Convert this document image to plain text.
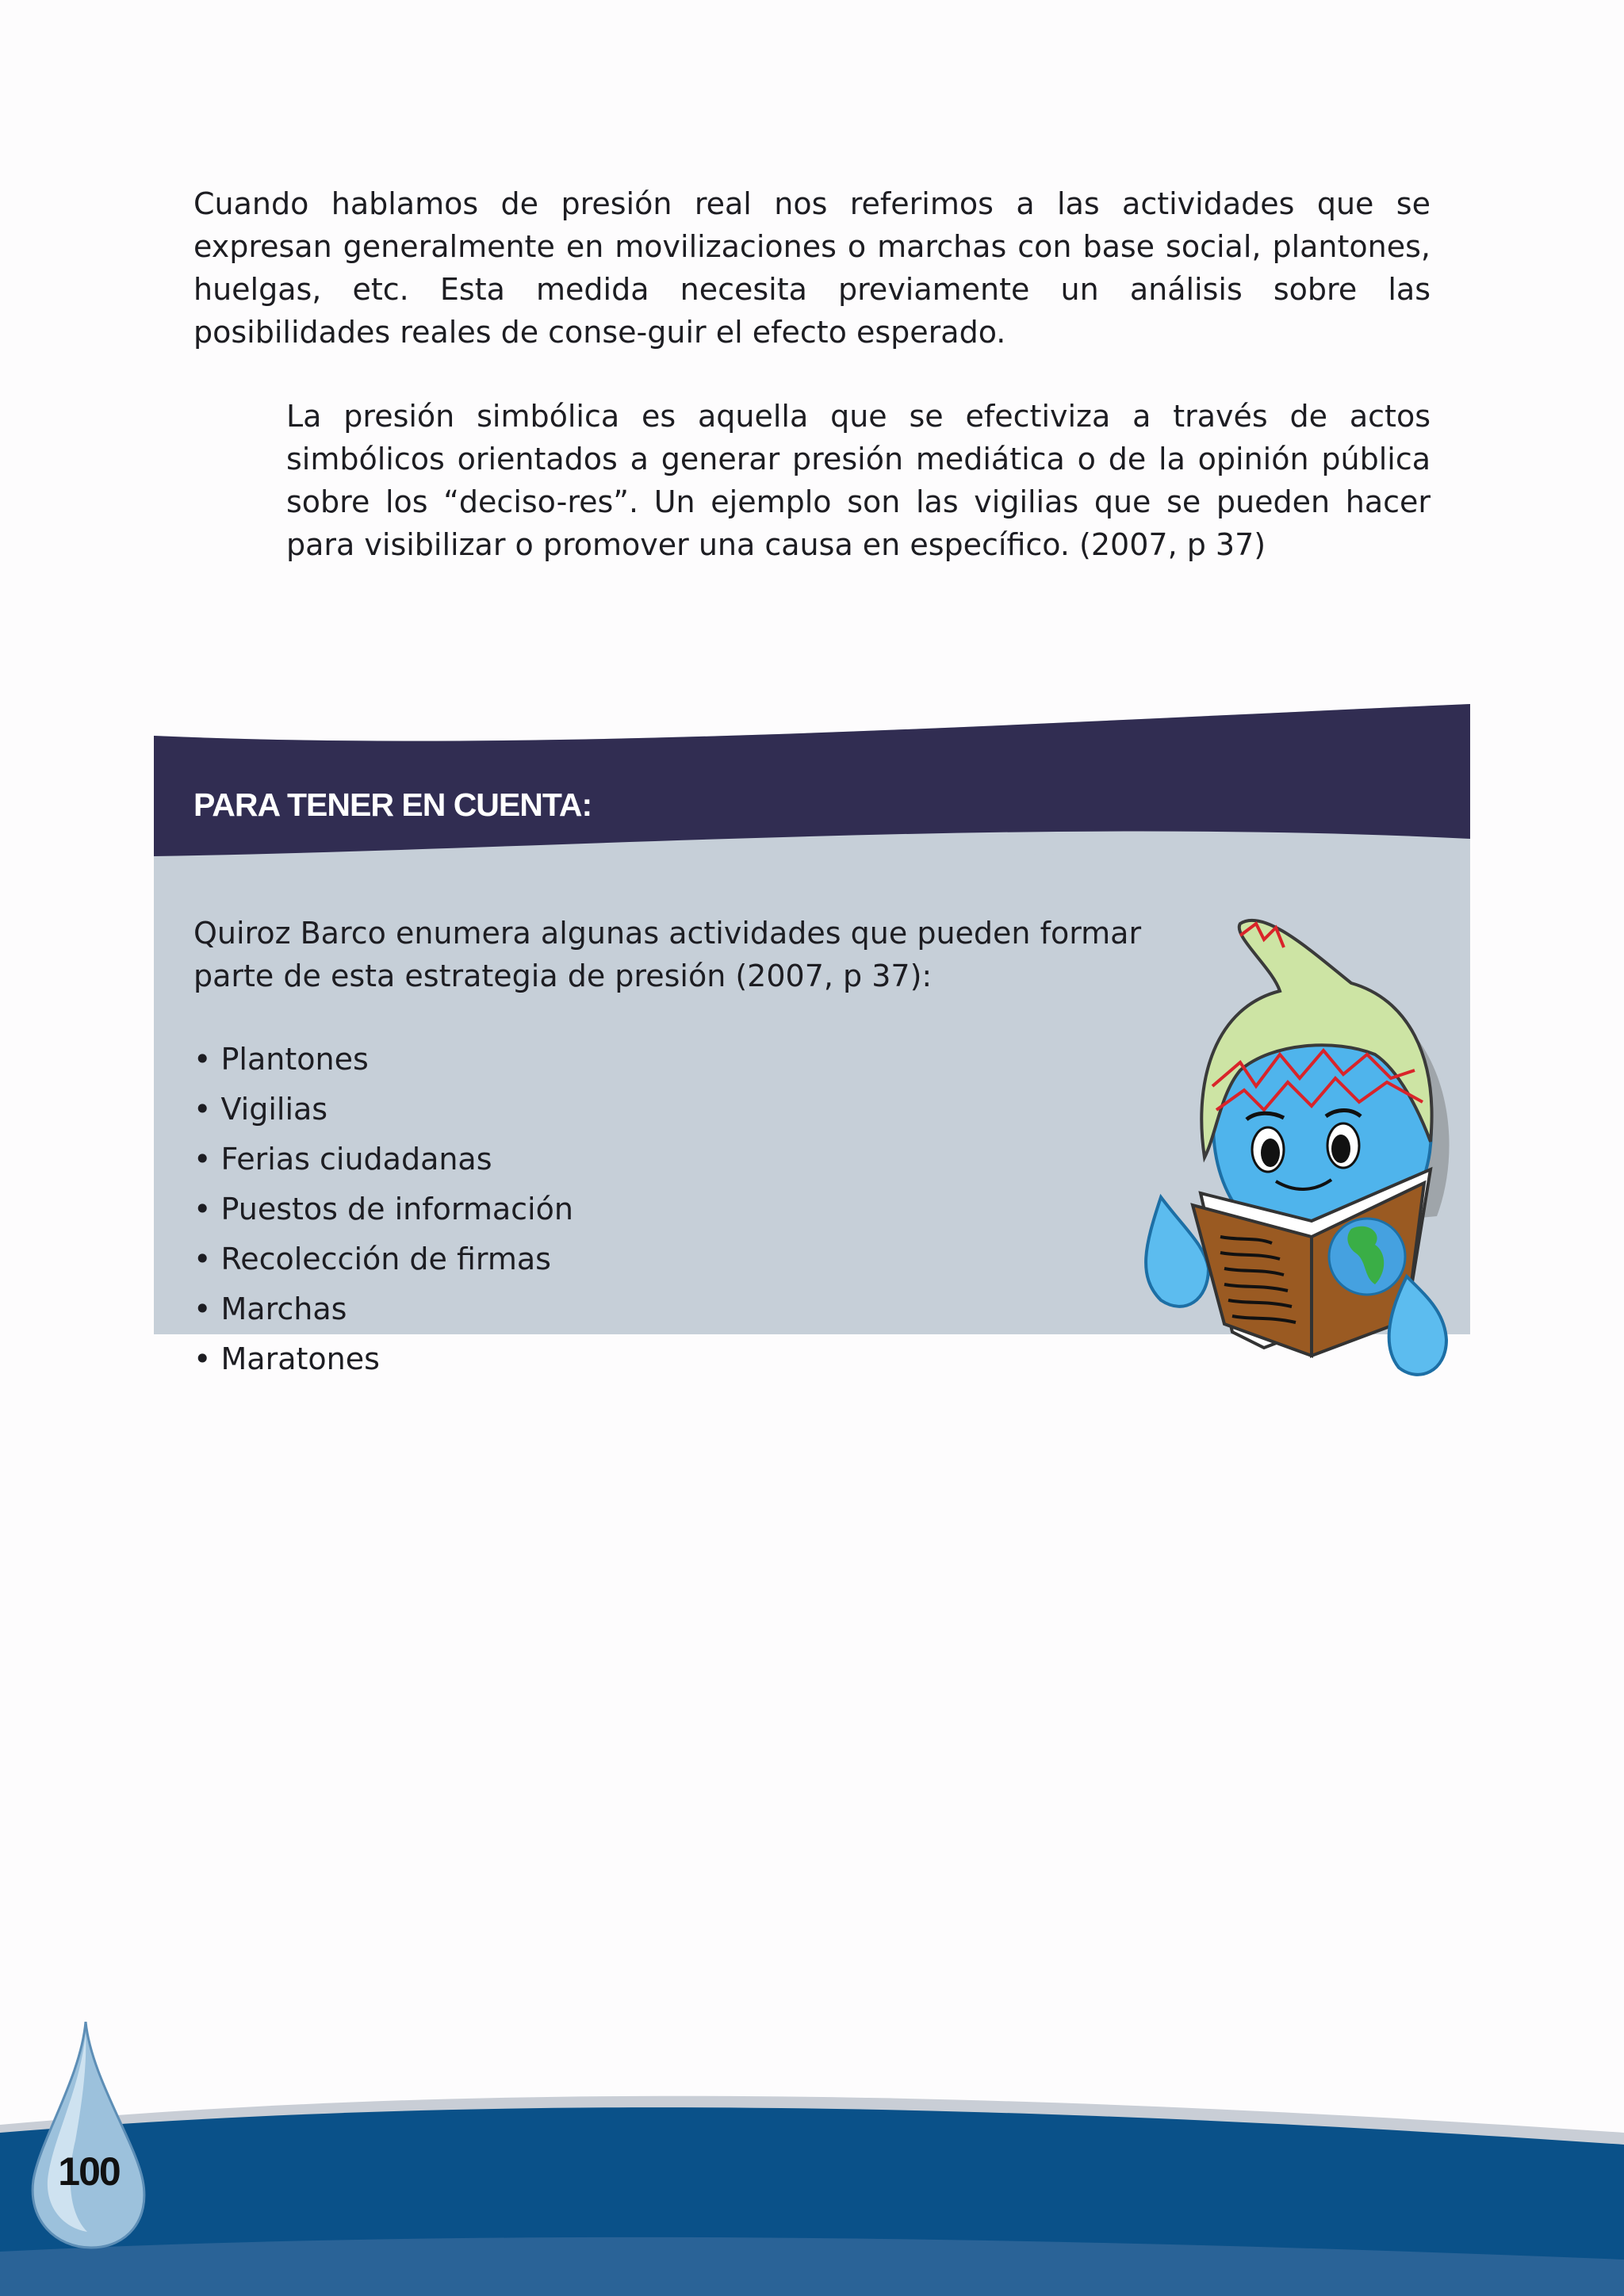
Cuando hablamos de presión real nos referimos a las actividades que se expresan generalmente en movilizaciones o marchas con base social, plantones, huelgas, etc. Esta medida necesita previamente un análisis sobre las posibilidades reales de conse-guir el efecto esperado.

La presión simbólica es aquella que se efectiviza a través de actos simbólicos orientados a generar presión mediática o de la opinión pública sobre los “deciso-res”. Un ejemplo son las vigilias que se pueden hacer para visibilizar o promover una causa en específico. (2007, p 37)

PARA TENER EN CUENTA:

Quiroz Barco enumera algunas actividades que pueden formar parte de esta estrategia de presión (2007, p 37):

• Plantones
• Vigilias
• Ferias ciudadanas
• Puestos de información
• Recolección de firmas
• Marchas
• Maratones
100
